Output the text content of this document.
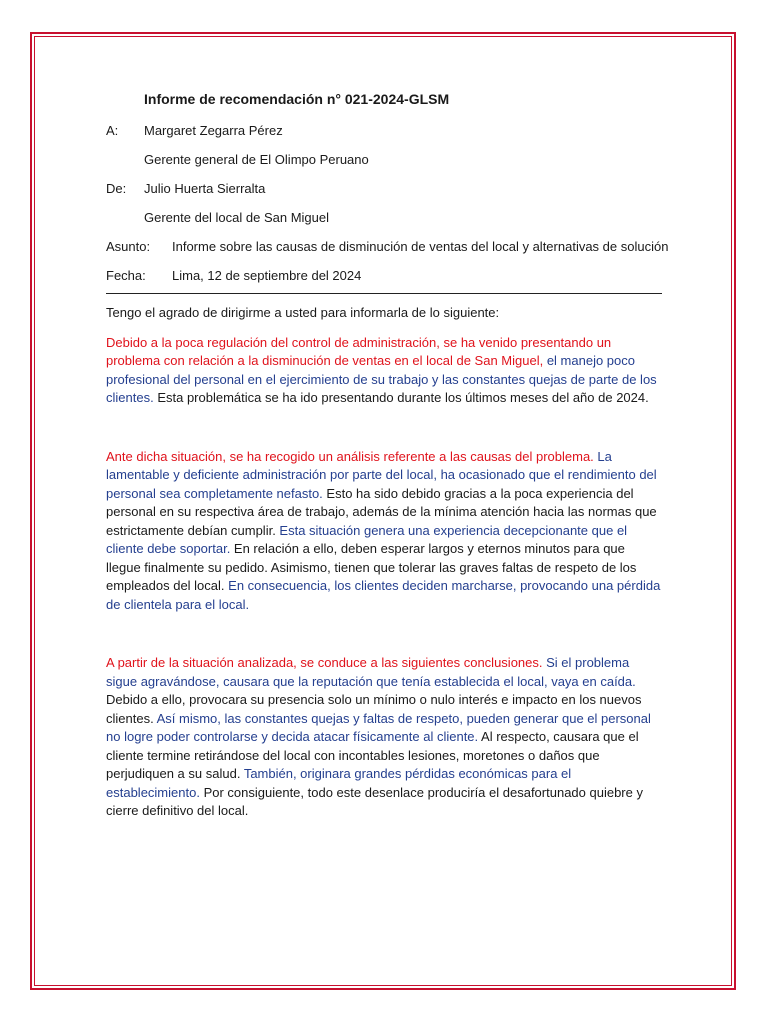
Informe de recomendación n° 021-2024-GLSM
A:	Margaret Zegarra Pérez
Gerente general de El Olimpo Peruano
De:	Julio Huerta Sierralta
Gerente del local de San Miguel
Asunto:	Informe sobre las causas de disminución de ventas del local y alternativas de solución
Fecha:	Lima, 12 de septiembre del 2024

Tengo el agrado de dirigirme a usted para informarla de lo siguiente:

Debido a la poca regulación del control de administración, se ha venido presentando un problema con relación a la disminución de ventas en el local de San Miguel, el manejo poco profesional del personal en el ejercimiento de su trabajo y las constantes quejas de parte de los clientes. Esta problemática se ha ido presentando durante los últimos meses del año de 2024.

Ante dicha situación, se ha recogido un análisis referente a las causas del problema. La lamentable y deficiente administración por parte del local, ha ocasionado que el rendimiento del personal sea completamente nefasto. Esto ha sido debido gracias a la poca experiencia del personal en su respectiva área de trabajo, además de la mínima atención hacia las normas que estrictamente debían cumplir. Esta situación genera una experiencia decepcionante que el cliente debe soportar. En relación a ello, deben esperar largos y eternos minutos para que llegue finalmente su pedido. Asimismo, tienen que tolerar las graves faltas de respeto de los empleados del local. En consecuencia, los clientes deciden marcharse, provocando una pérdida de clientela para el local.

A partir de la situación analizada, se conduce a las siguientes conclusiones. Si el problema sigue agravándose, causara que la reputación que tenía establecida el local, vaya en caída. Debido a ello, provocara su presencia solo un mínimo o nulo interés e impacto en los nuevos clientes. Así mismo, las constantes quejas y faltas de respeto, pueden generar que el personal no logre poder controlarse y decida atacar físicamente al cliente. Al respecto, causara que el cliente termine retirándose del local con incontables lesiones, moretones o daños que perjudiquen a su salud. También, originara grandes pérdidas económicas para el establecimiento. Por consiguiente, todo este desenlace produciría el desafortunado quiebre y cierre definitivo del local.
